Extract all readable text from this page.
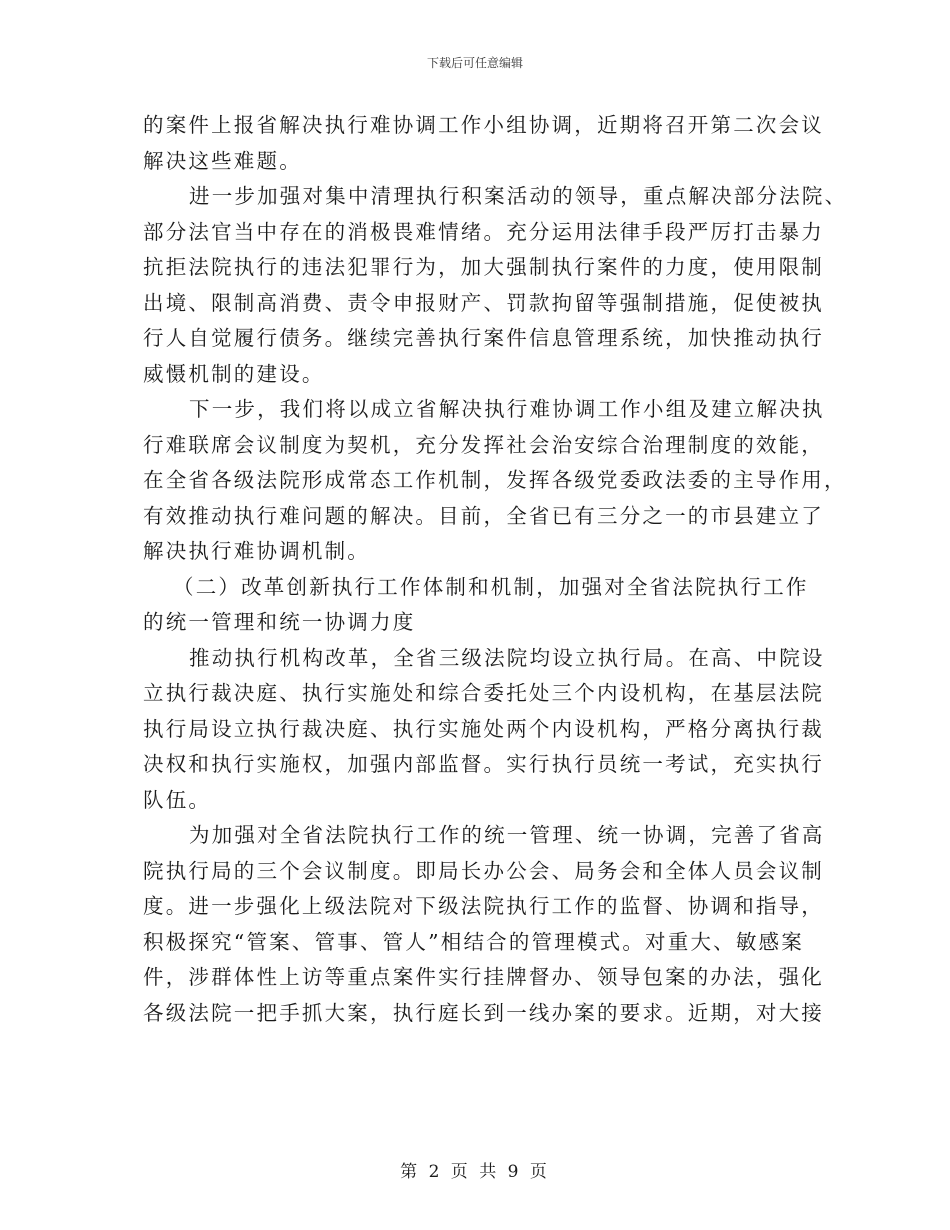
下载后可任意编辑

的案件上报省解决执行难协调工作小组协调，近期将召开第二次会议
解决这些难题。

进一步加强对集中清理执行积案活动的领导，重点解决部分法院、
部分法官当中存在的消极畏难情绪。充分运用法律手段严厉打击暴力
抗拒法院执行的违法犯罪行为，加大强制执行案件的力度，使用限制
出境、限制高消费、责令申报财产、罚款拘留等强制措施，促使被执
行人自觉履行债务。继续完善执行案件信息管理系统，加快推动执行
威慑机制的建设。

下一步，我们将以成立省解决执行难协调工作小组及建立解决执
行难联席会议制度为契机，充分发挥社会治安综合治理制度的效能，
在全省各级法院形成常态工作机制，发挥各级党委政法委的主导作用，
有效推动执行难问题的解决。目前，全省已有三分之一的市县建立了
解决执行难协调机制。

（二）改革创新执行工作体制和机制，加强对全省法院执行工作
的统一管理和统一协调力度

推动执行机构改革，全省三级法院均设立执行局。在高、中院设
立执行裁决庭、执行实施处和综合委托处三个内设机构，在基层法院
执行局设立执行裁决庭、执行实施处两个内设机构，严格分离执行裁
决权和执行实施权，加强内部监督。实行执行员统一考试，充实执行
队伍。

为加强对全省法院执行工作的统一管理、统一协调，完善了省高
院执行局的三个会议制度。即局长办公会、局务会和全体人员会议制
度。进一步强化上级法院对下级法院执行工作的监督、协调和指导，
积极探究“管案、管事、管人”相结合的管理模式。对重大、敏感案
件，涉群体性上访等重点案件实行挂牌督办、领导包案的办法，强化
各级法院一把手抓大案，执行庭长到一线办案的要求。近期，对大接

第 2 页 共 9 页
